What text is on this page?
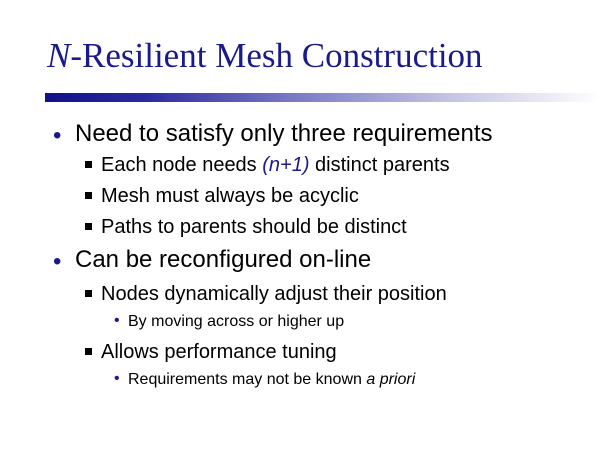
N-Resilient Mesh Construction
• Need to satisfy only three requirements
Each node needs (n+1) distinct parents
Mesh must always be acyclic
Paths to parents should be distinct
• Can be reconfigured on-line
Nodes dynamically adjust their position
• By moving across or higher up
Allows performance tuning
• Requirements may not be known a priori
